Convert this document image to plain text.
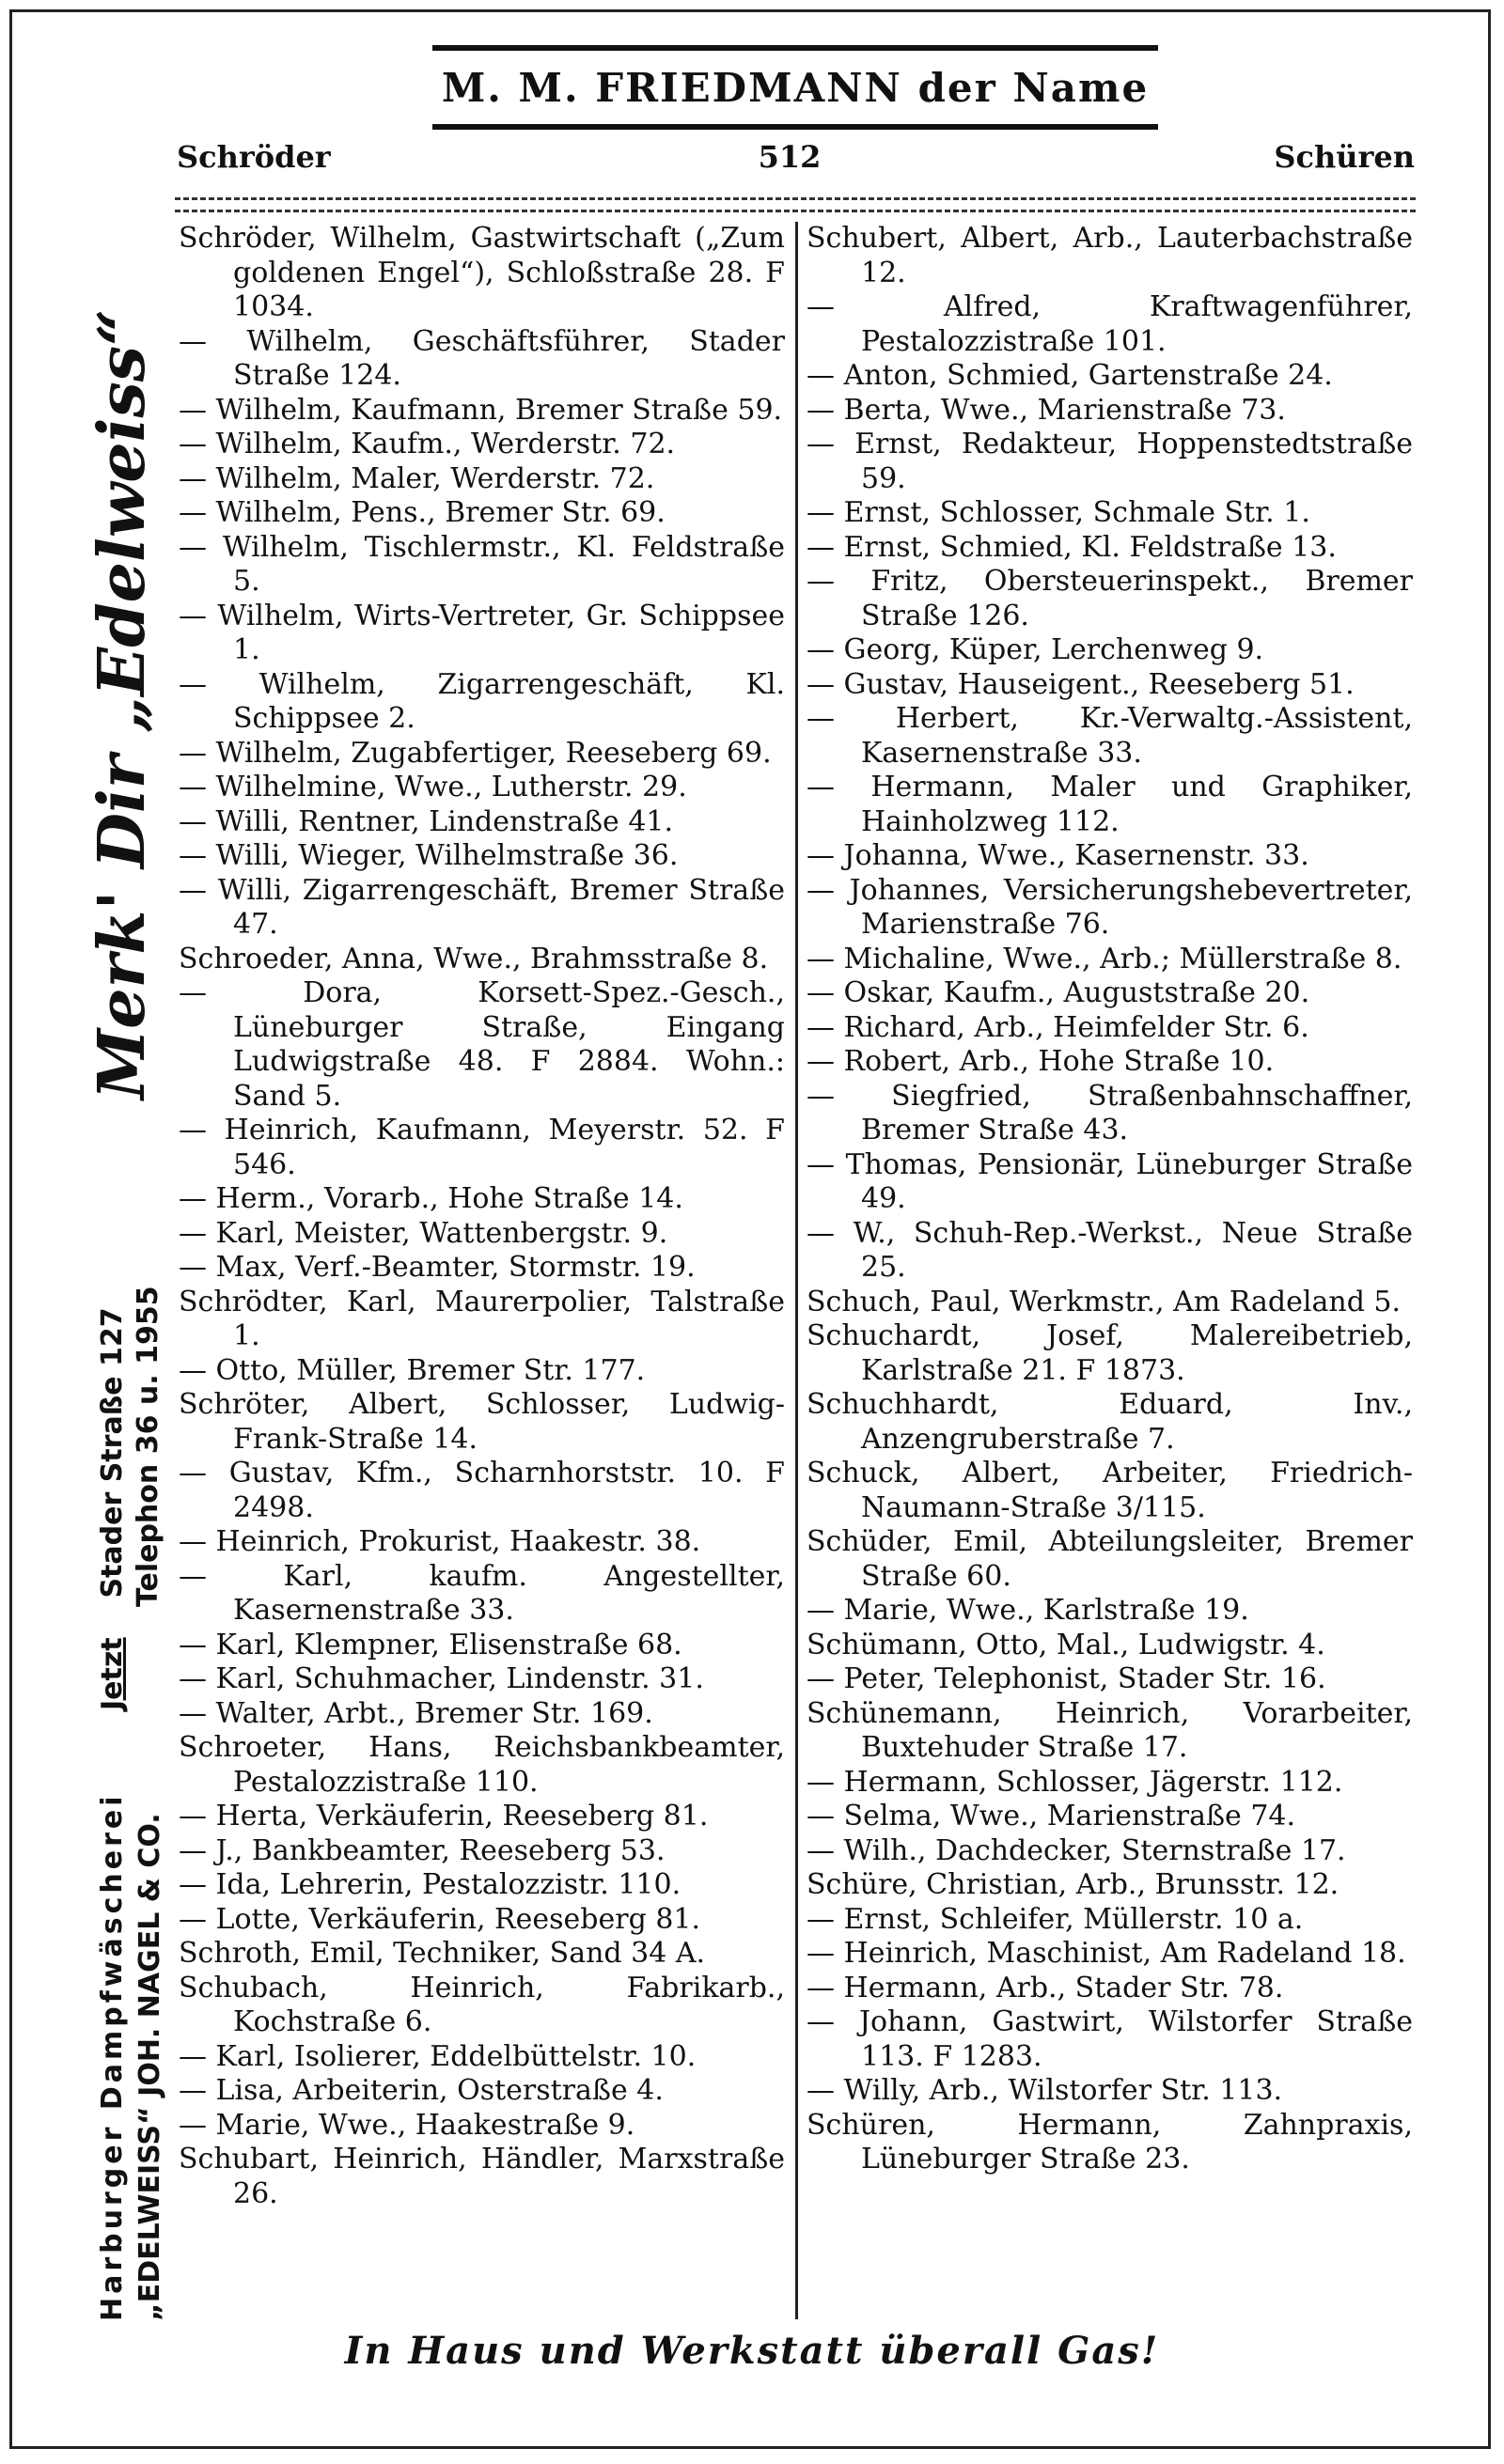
M. M. FRIEDMANN der Name
Schröder	512	Schüren
Merk' Dir „Edelweiss“
Jetzt    Stader Straße 127 Telephon 36 u. 1955
Harburger Dampfwäscherei „EDELWEISS“ JOH. NAGEL & CO.
Schröder, Wilhelm, Gastwirtschaft („Zum goldenen Engel“), Schloßstraße 28. F 1034.
— Wilhelm, Geschäftsführer, Stader Straße 124.
— Wilhelm, Kaufmann, Bremer Straße 59.
— Wilhelm, Kaufm., Werderstr. 72.
— Wilhelm, Maler, Werderstr. 72.
— Wilhelm, Pens., Bremer Str. 69.
— Wilhelm, Tischlermstr., Kl. Feldstraße 5.
— Wilhelm, Wirts-Vertreter, Gr. Schippsee 1.
— Wilhelm, Zigarrengeschäft, Kl. Schippsee 2.
— Wilhelm, Zugabfertiger, Reeseberg 69.
— Wilhelmine, Wwe., Lutherstr. 29.
— Willi, Rentner, Lindenstraße 41.
— Willi, Wieger, Wilhelmstraße 36.
— Willi, Zigarrengeschäft, Bremer Straße 47.
Schroeder, Anna, Wwe., Brahmsstraße 8.
— Dora, Korsett-Spez.-Gesch., Lüneburger Straße, Eingang Ludwigstraße 48. F 2884. Wohn.: Sand 5.
— Heinrich, Kaufmann, Meyerstr. 52. F 546.
— Herm., Vorarb., Hohe Straße 14.
— Karl, Meister, Wattenbergstr. 9.
— Max, Verf.-Beamter, Stormstr. 19.
Schrödter, Karl, Maurerpolier, Talstraße 1.
— Otto, Müller, Bremer Str. 177.
Schröter, Albert, Schlosser, Ludwig-Frank-Straße 14.
— Gustav, Kfm., Scharnhorststr. 10. F 2498.
— Heinrich, Prokurist, Haakestr. 38.
— Karl, kaufm. Angestellter, Kasernenstraße 33.
— Karl, Klempner, Elisenstraße 68.
— Karl, Schuhmacher, Lindenstr. 31.
— Walter, Arbt., Bremer Str. 169.
Schroeter, Hans, Reichsbankbeamter, Pestalozzistraße 110.
— Herta, Verkäuferin, Reeseberg 81.
— J., Bankbeamter, Reeseberg 53.
— Ida, Lehrerin, Pestalozzistr. 110.
— Lotte, Verkäuferin, Reeseberg 81.
Schroth, Emil, Techniker, Sand 34 A.
Schubach, Heinrich, Fabrikarb., Kochstraße 6.
— Karl, Isolierer, Eddelbüttelstr. 10.
— Lisa, Arbeiterin, Osterstraße 4.
— Marie, Wwe., Haakestraße 9.
Schubart, Heinrich, Händler, Marxstraße 26.
Schubert, Albert, Arb., Lauterbachstraße 12.
— Alfred, Kraftwagenführer, Pestalozzistraße 101.
— Anton, Schmied, Gartenstraße 24.
— Berta, Wwe., Marienstraße 73.
— Ernst, Redakteur, Hoppenstedtstraße 59.
— Ernst, Schlosser, Schmale Str. 1.
— Ernst, Schmied, Kl. Feldstraße 13.
— Fritz, Obersteuerinspekt., Bremer Straße 126.
— Georg, Küper, Lerchenweg 9.
— Gustav, Hauseigent., Reeseberg 51.
— Herbert, Kr.-Verwaltg.-Assistent, Kasernenstraße 33.
— Hermann, Maler und Graphiker, Hainholzweg 112.
— Johanna, Wwe., Kasernenstr. 33.
— Johannes, Versicherungshebevertreter, Marienstraße 76.
— Michaline, Wwe., Arb.; Müllerstraße 8.
— Oskar, Kaufm., Auguststraße 20.
— Richard, Arb., Heimfelder Str. 6.
— Robert, Arb., Hohe Straße 10.
— Siegfried, Straßenbahnschaffner, Bremer Straße 43.
— Thomas, Pensionär, Lüneburger Straße 49.
— W., Schuh-Rep.-Werkst., Neue Straße 25.
Schuch, Paul, Werkmstr., Am Radeland 5.
Schuchardt, Josef, Malereibetrieb, Karlstraße 21. F 1873.
Schuchhardt, Eduard, Inv., Anzengruberstraße 7.
Schuck, Albert, Arbeiter, Friedrich-Naumann-Straße 3/115.
Schüder, Emil, Abteilungsleiter, Bremer Straße 60.
— Marie, Wwe., Karlstraße 19.
Schümann, Otto, Mal., Ludwigstr. 4.
— Peter, Telephonist, Stader Str. 16.
Schünemann, Heinrich, Vorarbeiter, Buxtehuder Straße 17.
— Hermann, Schlosser, Jägerstr. 112.
— Selma, Wwe., Marienstraße 74.
— Wilh., Dachdecker, Sternstraße 17.
Schüre, Christian, Arb., Brunsstr. 12.
— Ernst, Schleifer, Müllerstr. 10 a.
— Heinrich, Maschinist, Am Radeland 18.
— Hermann, Arb., Stader Str. 78.
— Johann, Gastwirt, Wilstorfer Straße 113. F 1283.
— Willy, Arb., Wilstorfer Str. 113.
Schüren, Hermann, Zahnpraxis, Lüneburger Straße 23.
In Haus und Werkstatt überall Gas!
